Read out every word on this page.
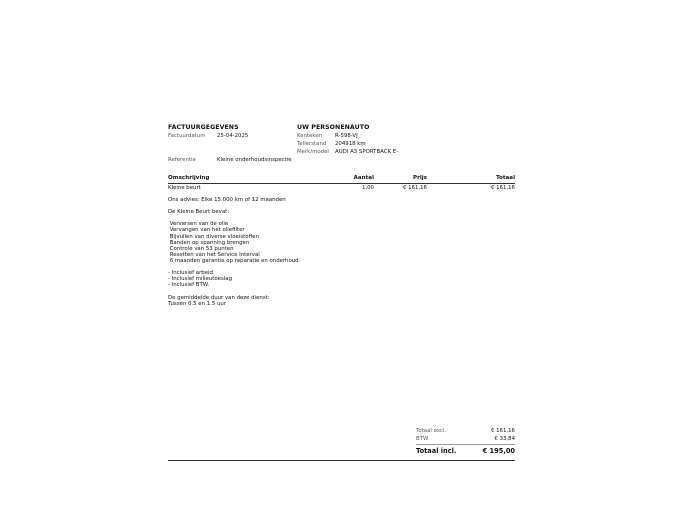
FACTUURGEGEVENS
Factuurdatum 25-04-2025
Referentie	Kleine onderhoudsinspectie
UW PERSONENAUTO
Kenteken R-598-VJ
Tellerstand 204918 km
Merk/model AUDI A3 SPORTBACK E-
Omschrijving	Aantal	Prijs	Totaal
Kleine beurt	1,00	€ 161,16	€ 161,16
Ons advies: Elke 15.000 km of 12 maanden
De Kleine Beurt bevat:
Verversen van de olie
Vervangen van het oliefilter
Bijvullen van diverse vloeistoffen
Banden op spanning brengen
Controle van 53 punten
Resetten van het Service Interval
6 maanden garantie op reparatie en onderhoud.
- Inclusief arbeid
- Inclusief milieutoeslag
- Inclusief BTW.
De gemiddelde duur van deze dienst:
Tussen 0.5 en 1.5 uur
Totaal excl.	€ 161,16
BTW	€ 33,84
Totaal incl.	€ 195,00
